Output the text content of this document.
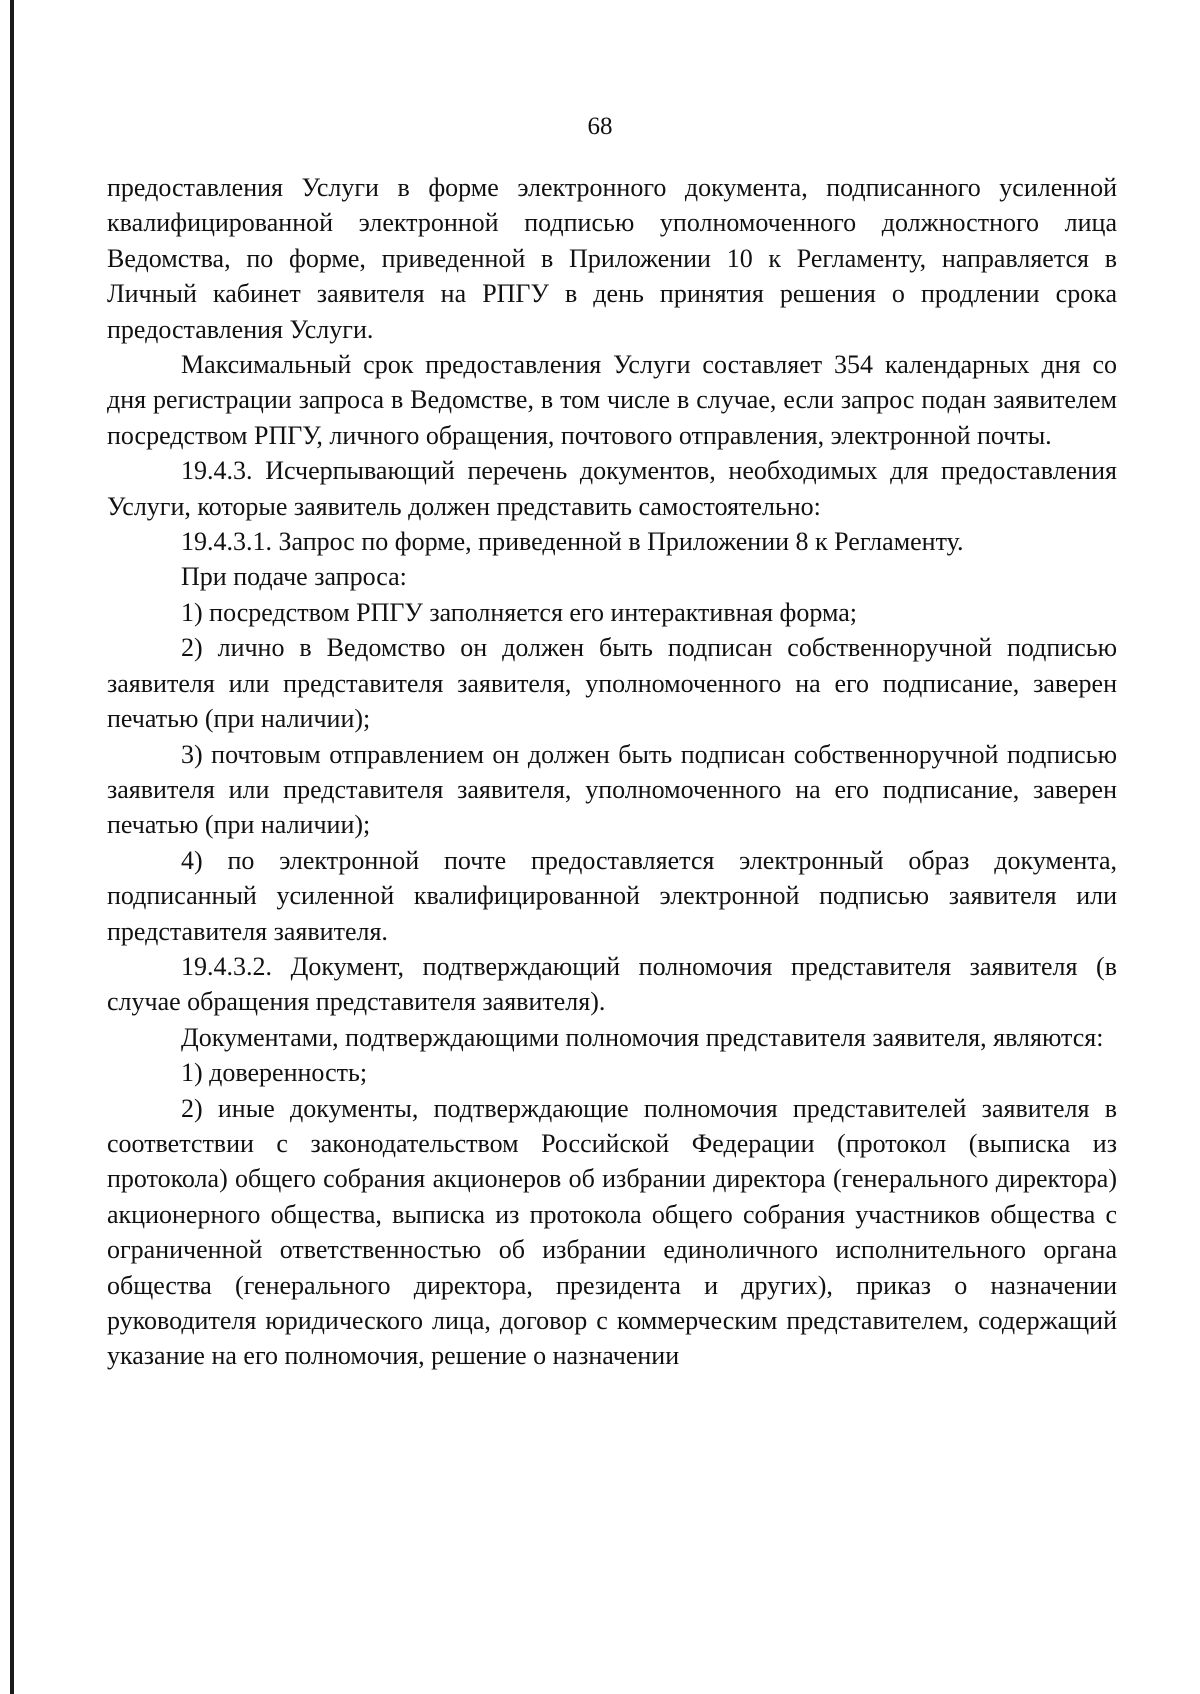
68

предоставления Услуги в форме электронного документа, подписанного усиленной квалифицированной электронной подписью уполномоченного должностного лица Ведомства, по форме, приведенной в Приложении 10 к Регламенту, направляется в Личный кабинет заявителя на РПГУ в день принятия решения о продлении срока предоставления Услуги.

Максимальный срок предоставления Услуги составляет 354 календарных дня со дня регистрации запроса в Ведомстве, в том числе в случае, если запрос подан заявителем посредством РПГУ, личного обращения, почтового отправления, электронной почты.

19.4.3. Исчерпывающий перечень документов, необходимых для предоставления Услуги, которые заявитель должен представить самостоятельно:

19.4.3.1. Запрос по форме, приведенной в Приложении 8 к Регламенту.

При подаче запроса:

1) посредством РПГУ заполняется его интерактивная форма;

2) лично в Ведомство он должен быть подписан собственноручной подписью заявителя или представителя заявителя, уполномоченного на его подписание, заверен печатью (при наличии);

3) почтовым отправлением он должен быть подписан собственноручной подписью заявителя или представителя заявителя, уполномоченного на его подписание, заверен печатью (при наличии);

4) по электронной почте предоставляется электронный образ документа, подписанный усиленной квалифицированной электронной подписью заявителя или представителя заявителя.

19.4.3.2. Документ, подтверждающий полномочия представителя заявителя (в случае обращения представителя заявителя).

Документами, подтверждающими полномочия представителя заявителя, являются:

1) доверенность;

2) иные документы, подтверждающие полномочия представителей заявителя в соответствии с законодательством Российской Федерации (протокол (выписка из протокола) общего собрания акционеров об избрании директора (генерального директора) акционерного общества, выписка из протокола общего собрания участников общества с ограниченной ответственностью об избрании единоличного исполнительного органа общества (генерального директора, президента и других), приказ о назначении руководителя юридического лица, договор с коммерческим представителем, содержащий указание на его полномочия, решение о назначении
